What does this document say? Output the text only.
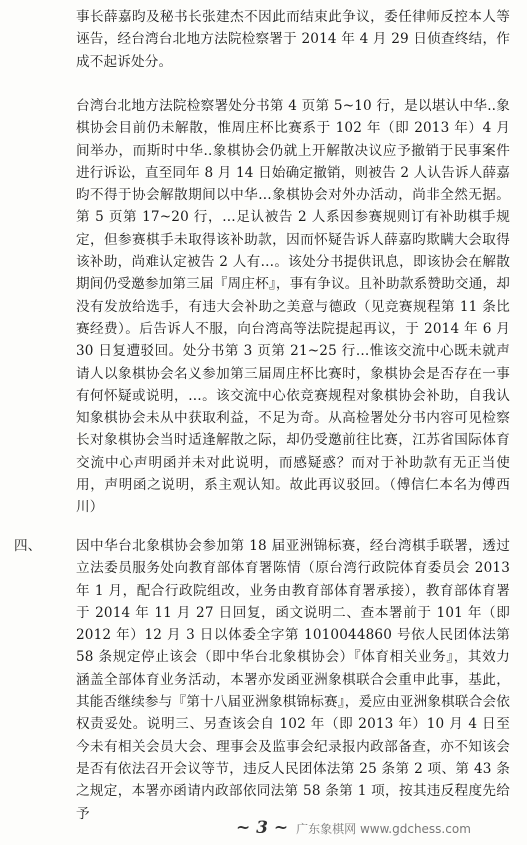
事长薛嘉昀及秘书长张建杰不因此而结束此争议，委任律师反控本人等诬告，经台湾台北地方法院检察署于 2014 年 4 月 29 日侦查终结，作成不起诉处分。

台湾台北地方法院检察署处分书第 4 页第 5~10 行，是以堪认中华..象棋协会目前仍未解散，惟周庄杯比赛系于 102 年（即 2013 年）4 月间举办，而斯时中华..象棋协会仍就上开解散决议应予撤销于民事案件进行诉讼，直至同年 8 月 14 日始确定撤销，则被告 2 人认告诉人薛嘉昀不得于协会解散期间以中华…象棋协会对外办活动，尚非全然无据。第 5 页第 17~20 行，…足认被告 2 人系因参赛规则订有补助棋手规定，但参赛棋手未取得该补助款，因而怀疑告诉人薛嘉昀欺瞒大会取得该补助，尚难认定被告 2 人有…。该处分书提供讯息，即该协会在解散期间仍受邀参加第三届『周庄杯』，事有争议。且补助款系赞助交通，却没有发放给选手，有违大会补助之美意与德政（见竞赛规程第 11 条比赛经费）。后告诉人不服，向台湾高等法院提起再议，于 2014 年 6 月 30 日复遭驳回。处分书第 3 页第 21~25 行…惟该交流中心既未就声请人以象棋协会名义参加第三届周庄杯比赛时，象棋协会是否存在一事有何怀疑或说明，…。该交流中心依竞赛规程对象棋协会补助，自我认知象棋协会未从中获取利益，不足为奇。从高检署处分书内容可见检察长对象棋协会当时适逢解散之际，却仍受邀前往比赛，江苏省国际体育交流中心声明函并未对此说明，而感疑惑？而对于补助款有无正当使用，声明函之说明，系主观认知。故此再议驳回。（傅信仁本名为傅西川）

四、	因中华台北象棋协会参加第 18 届亚洲锦标赛，经台湾棋手联署，透过立法委员服务处向教育部体育署陈情（原台湾行政院体育委员会 2013 年 1 月，配合行政院组改，业务由教育部体育署承接），教育部体育署于 2014 年 11 月 27 日回复，函文说明二、查本署前于 101 年（即 2012 年）12 月 3 日以体委全字第 1010044860 号依人民团体法第 58 条规定停止该会（即中华台北象棋协会）『体育相关业务』，其效力涵盖全部体育业务活动，本署亦发函亚洲象棋联合会重申此事，基此，其能否继续参与『第十八届亚洲象棋锦标赛』，爰应由亚洲象棋联合会依权责妥处。说明三、另查该会自 102 年（即 2013 年）10 月 4 日至今未有相关会员大会、理事会及监事会纪录报内政部备查，亦不知该会是否有依法召开会议等节，违反人民团体法第 25 条第 2 项、第 43 条之规定，本署亦函请内政部依同法第 58 条第 1 项，按其违反程度先给予

~ 3 ~ 广东象棋网 www.gdchess.com
